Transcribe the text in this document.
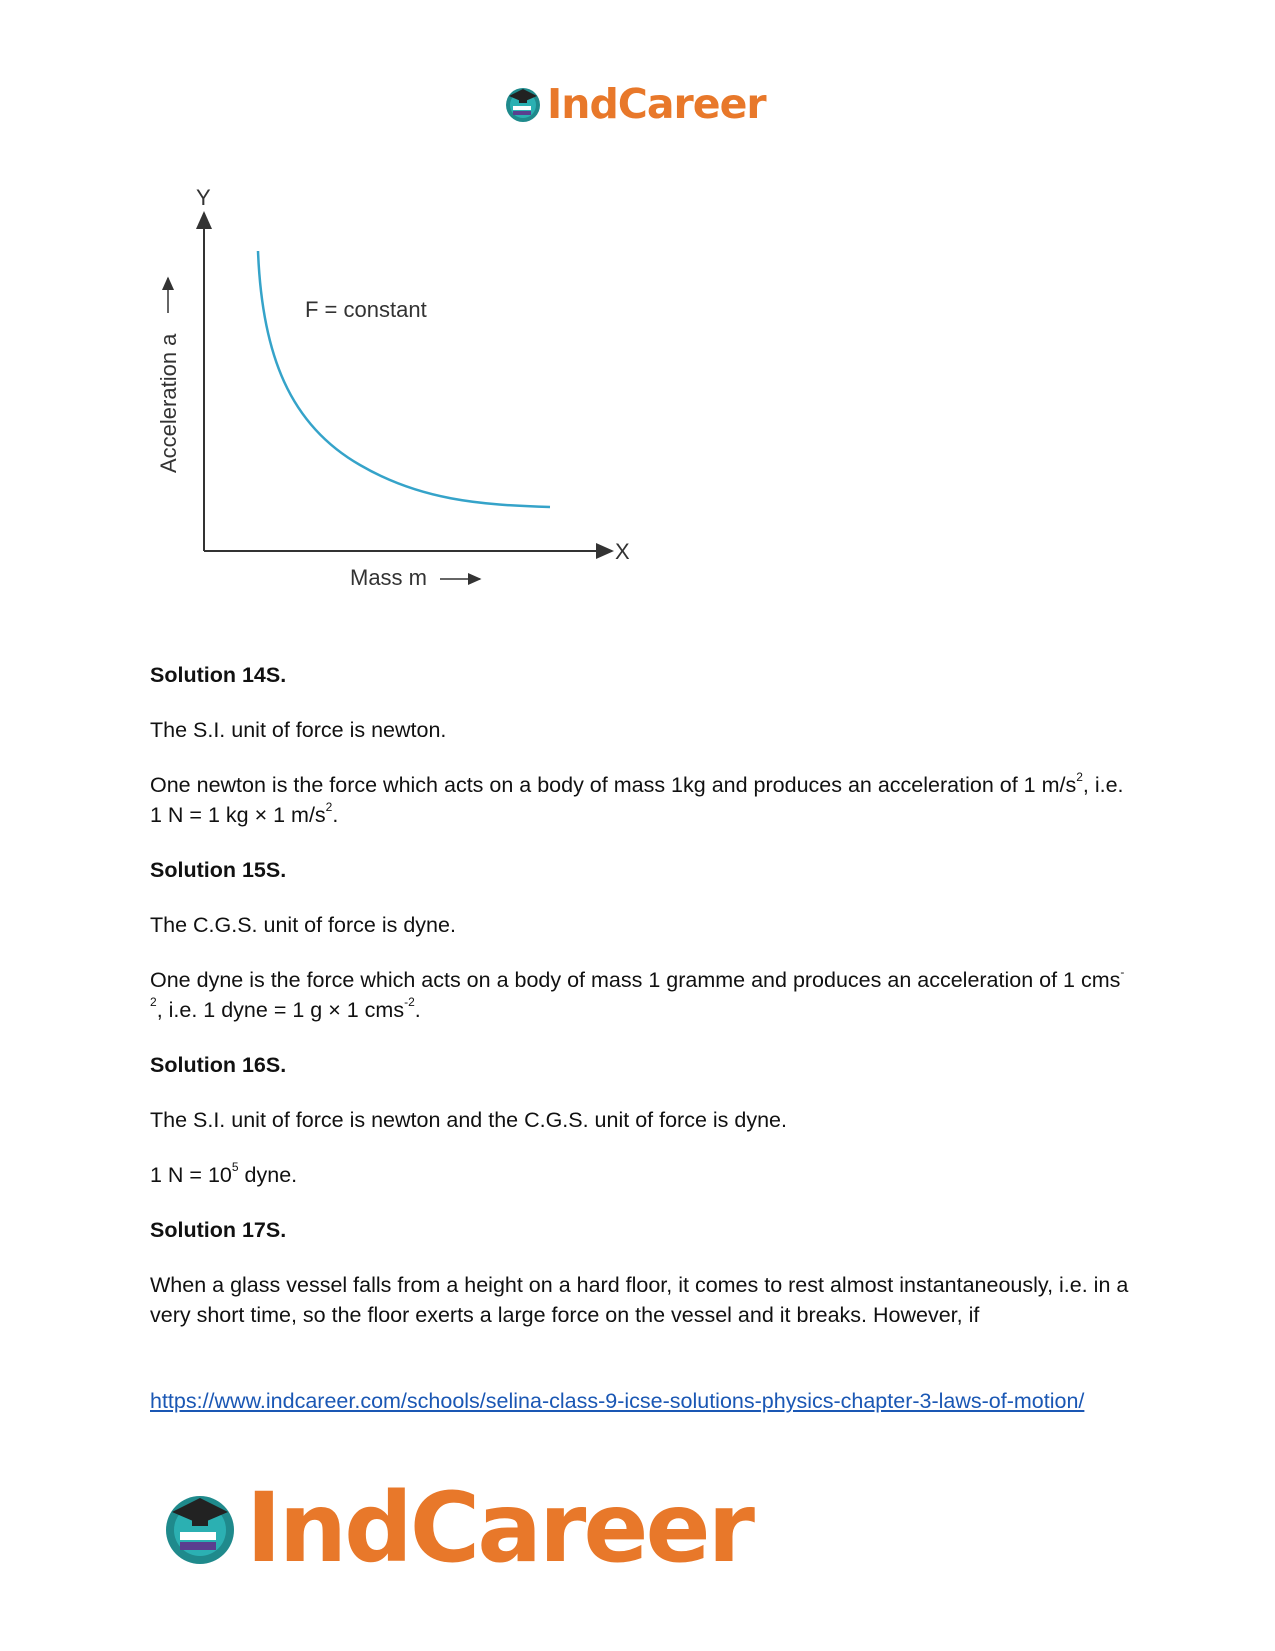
IndCareer
Y
X
Acceleration a
Mass m
F = constant
Solution 14S.

The S.I. unit of force is newton.

One newton is the force which acts on a body of mass 1kg and produces an acceleration of 1 $m/s^2$, i.e. 1 N = 1 kg × 1 $m/s^2$.

Solution 15S.

The C.G.S. unit of force is dyne.

One dyne is the force which acts on a body of mass 1 gramme and produces an acceleration of 1 cms$^{-2}$, i.e. 1 dyne = 1 g × 1 cms$^{-2}$.

Solution 16S.

The S.I. unit of force is newton and the C.G.S. unit of force is dyne.

1 $N = 10^5$ dyne.

Solution 17S.

When a glass vessel falls from a height on a hard floor, it comes to rest almost instantaneously, i.e. in a very short time, so the floor exerts a large force on the vessel and it breaks. However, if

https://www.indcareer.com/schools/selina-class-9-icse-solutions-physics-chapter-3-laws-of-motion/
IndCareer
